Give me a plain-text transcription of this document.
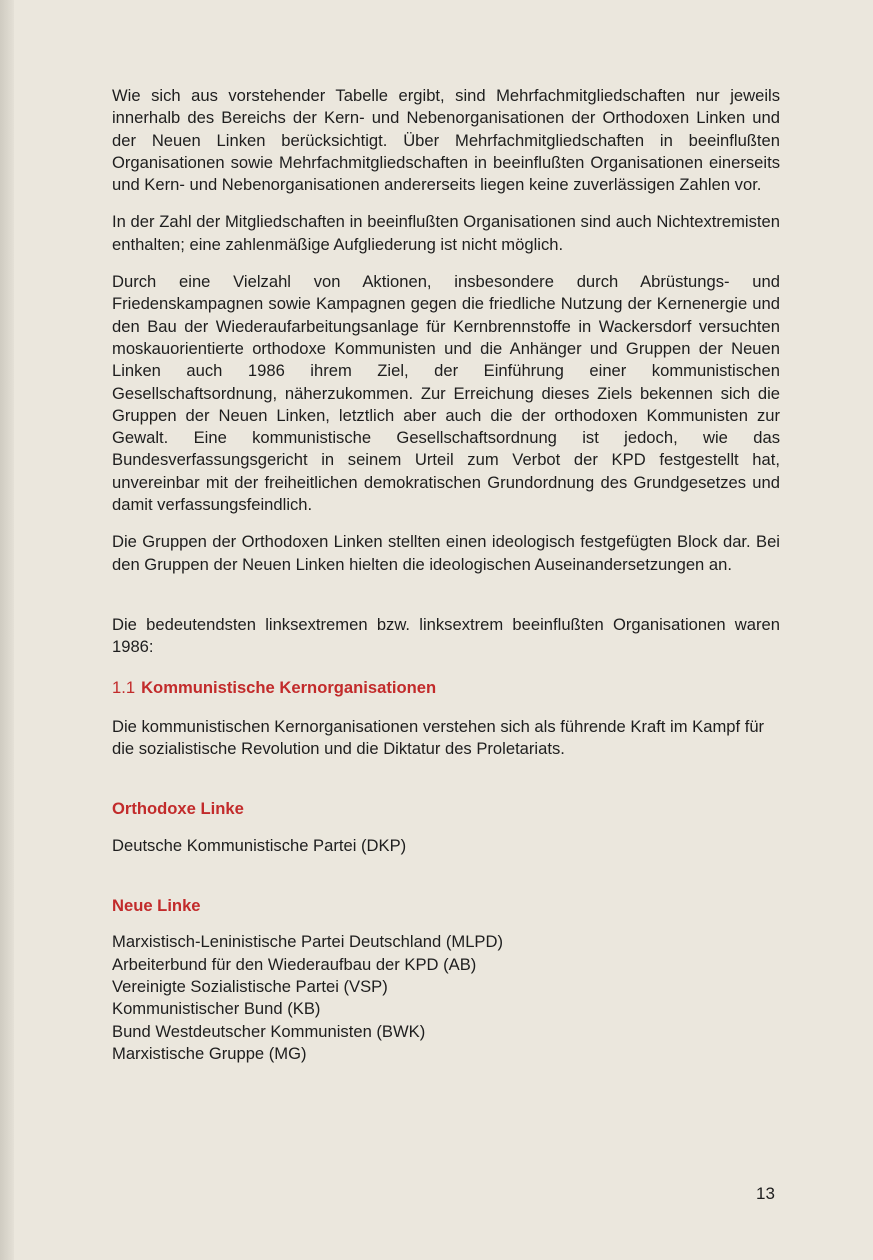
Wie sich aus vorstehender Tabelle ergibt, sind Mehrfachmitgliedschaften nur jeweils innerhalb des Bereichs der Kern- und Nebenorganisationen der Orthodoxen Linken und der Neuen Linken berücksichtigt. Über Mehrfachmitgliedschaften in beeinflußten Organisationen sowie Mehrfachmitgliedschaften in beeinflußten Organisationen einerseits und Kern- und Nebenorganisationen andererseits liegen keine zuverlässigen Zahlen vor.

In der Zahl der Mitgliedschaften in beeinflußten Organisationen sind auch Nichtextremisten enthalten; eine zahlenmäßige Aufgliederung ist nicht möglich.

Durch eine Vielzahl von Aktionen, insbesondere durch Abrüstungs- und Friedenskampagnen sowie Kampagnen gegen die friedliche Nutzung der Kernenergie und den Bau der Wiederaufarbeitungsanlage für Kernbrennstoffe in Wackersdorf versuchten moskauorientierte orthodoxe Kommunisten und die Anhänger und Gruppen der Neuen Linken auch 1986 ihrem Ziel, der Einführung einer kommunistischen Gesellschaftsordnung, näherzukommen. Zur Erreichung dieses Ziels bekennen sich die Gruppen der Neuen Linken, letztlich aber auch die der orthodoxen Kommunisten zur Gewalt. Eine kommunistische Gesellschaftsordnung ist jedoch, wie das Bundesverfassungsgericht in seinem Urteil zum Verbot der KPD festgestellt hat, unvereinbar mit der freiheitlichen demokratischen Grundordnung des Grundgesetzes und damit verfassungsfeindlich.

Die Gruppen der Orthodoxen Linken stellten einen ideologisch festgefügten Block dar. Bei den Gruppen der Neuen Linken hielten die ideologischen Auseinandersetzungen an.

Die bedeutendsten linksextremen bzw. linksextrem beeinflußten Organisationen waren 1986:

1.1 Kommunistische Kernorganisationen

Die kommunistischen Kernorganisationen verstehen sich als führende Kraft im Kampf für die sozialistische Revolution und die Diktatur des Proletariats.

Orthodoxe Linke
Deutsche Kommunistische Partei (DKP)
Neue Linke
Marxistisch-Leninistische Partei Deutschland (MLPD)
Arbeiterbund für den Wiederaufbau der KPD (AB)
Vereinigte Sozialistische Partei (VSP)
Kommunistischer Bund (KB)
Bund Westdeutscher Kommunisten (BWK)
Marxistische Gruppe (MG)
13
